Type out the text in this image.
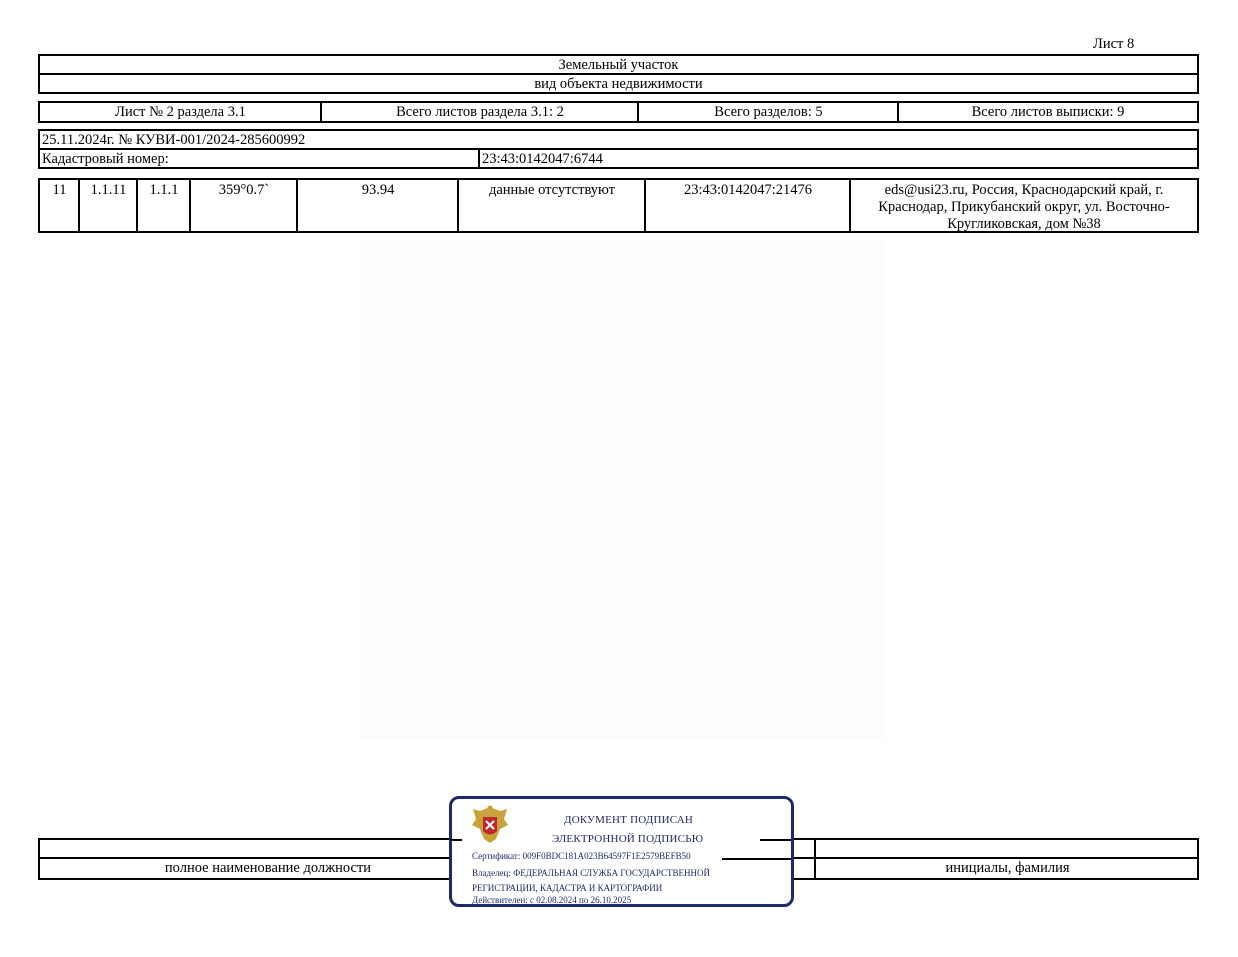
Лист 8
Земельный участок
вид объекта недвижимости
Лист № 2 раздела 3.1	Всего листов раздела 3.1: 2	Всего разделов: 5	Всего листов выписки: 9
25.11.2024г. № КУВИ-001/2024-285600992
Кадастровый номер:	23:43:0142047:6744
11	1.1.11	1.1.1	359°0.7`	93.94	данные отсутствуют	23:43:0142047:21476	eds@usi23.ru, Россия, Краснодарский край, г. Краснодар, Прикубанский округ, ул. Восточно-Кругликовская, дом №38
полное наименование должности	инициалы, фамилия
ДОКУМЕНТ ПОДПИСАН
ЭЛЕКТРОННОЙ ПОДПИСЬЮ
Сертификат: 009F0BDC181A023B64597F1E2579BEFB50
Владелец: ФЕДЕРАЛЬНАЯ СЛУЖБА ГОСУДАРСТВЕННОЙ
РЕГИСТРАЦИИ, КАДАСТРА И КАРТОГРАФИИ
Действителен: с 02.08.2024 по 26.10.2025
